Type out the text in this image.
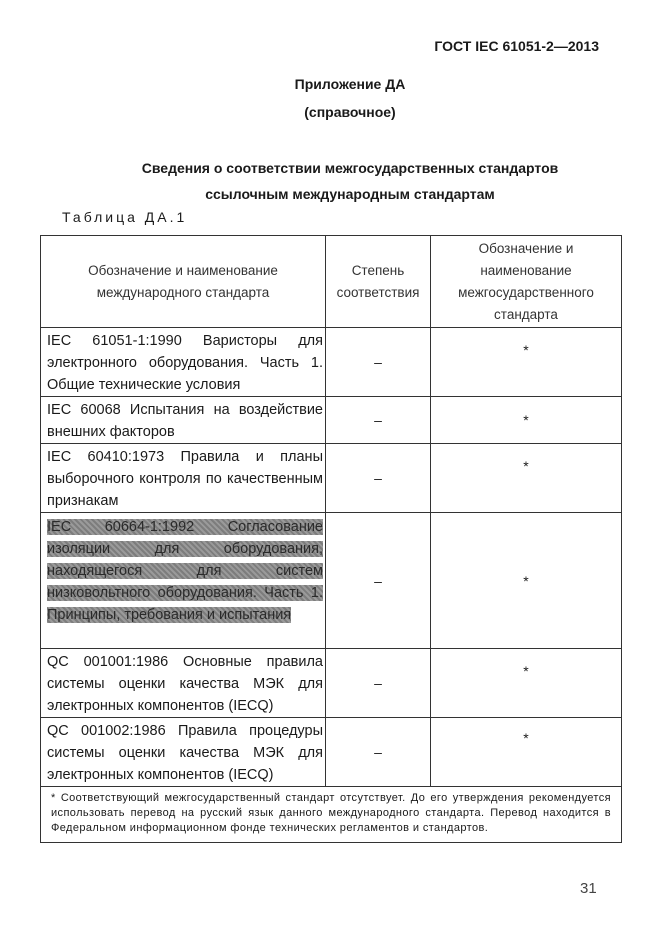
ГОСТ IEC 61051-2—2013
Приложение ДА
(справочное)
Сведения о соответствии межгосударственных стандартов
ссылочным международным стандартам
Таблица ДА.1
Обозначение и наименование международного стандарта	Степень соответствия	Обозначение и наименование межгосударственного стандарта
IEC 61051-1:1990 Варисторы для электронного оборудования. Часть 1. Общие технические условия	–	*
IEC 60068 Испытания на воздействие внешних факторов	–	*
IEC 60410:1973 Правила и планы выборочного контроля по качественным признакам	–	*
IEC 60664-1:1992 Согласование изоляции для оборудования, находящегося для систем низковольтного оборудования. Часть 1. Принципы, требования и испытания	–	*
QC 001001:1986 Основные правила системы оценки качества МЭК для электронных компонентов (IECQ)	–	*
QC 001002:1986 Правила процедуры системы оценки качества МЭК для электронных компонентов (IECQ)	–	*
* Соответствующий межгосударственный стандарт отсутствует. До его утверждения рекомендуется использовать перевод на русский язык данного международного стандарта. Перевод находится в Федеральном информационном фонде технических регламентов и стандартов.		
31
